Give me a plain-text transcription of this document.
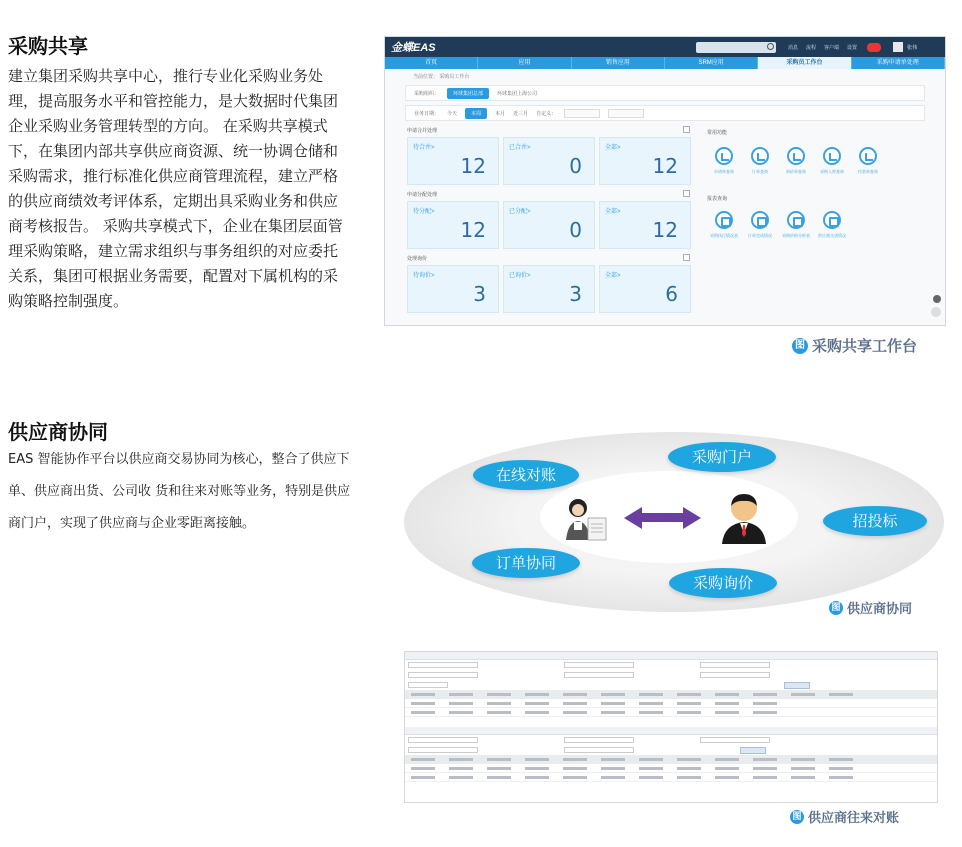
采购共享
建立集团采购共享中心，推行专业化采购业务处
理，提高服务水平和管控能力，是大数据时代集团
企业采购业务管理转型的方向。 在采购共享模式
下，在集团内部共享供应商资源、统一协调仓储和
采购需求，推行标准化供应商管理流程，建立严格
的供应商绩效考评体系，定期出具采购业务和供应
商考核报告。 采购共享模式下，企业在集团层面管
理采购策略，建立需求组织与事务组织的对应委托
关系，集团可根据业务需要，配置对下属机构的采
购策略控制强度。
金蝶EAS	消息 流程 客户端 设置	张伟
首页	应用	销售应用	SRM应用	采购员工作台	采购申请单处理
当前位置： 采购员工作台
采购组织：	环球集团总部	环球集团上海公司
业务日期： 今天	本周	本月 近三月 自定义：
申请合并处理
待合并>
12
已合并>
0
全部>
12
申请分配处理
待分配>
12
已分配>
0
全部>
12
处理询价
待询价>
3
已询价>
3
全部>
6
常用功能
申请单查询	订单查询	询价单查询	采购入库查询	付款单查询
报表查询
采购执行情况表	订单完成情况	采购价格分析表	供应商交货情况
图 采购共享工作台
供应商协同
EAS 智能协作平台以供应商交易协同为核心，整合了供应下
单、供应商出货、公司收 货和往来对账等业务，特别是供应
商门户，实现了供应商与企业零距离接触。
在线对账
采购门户
招投标
订单协同
采购询价
图 供应商协同
图 供应商往来对账
